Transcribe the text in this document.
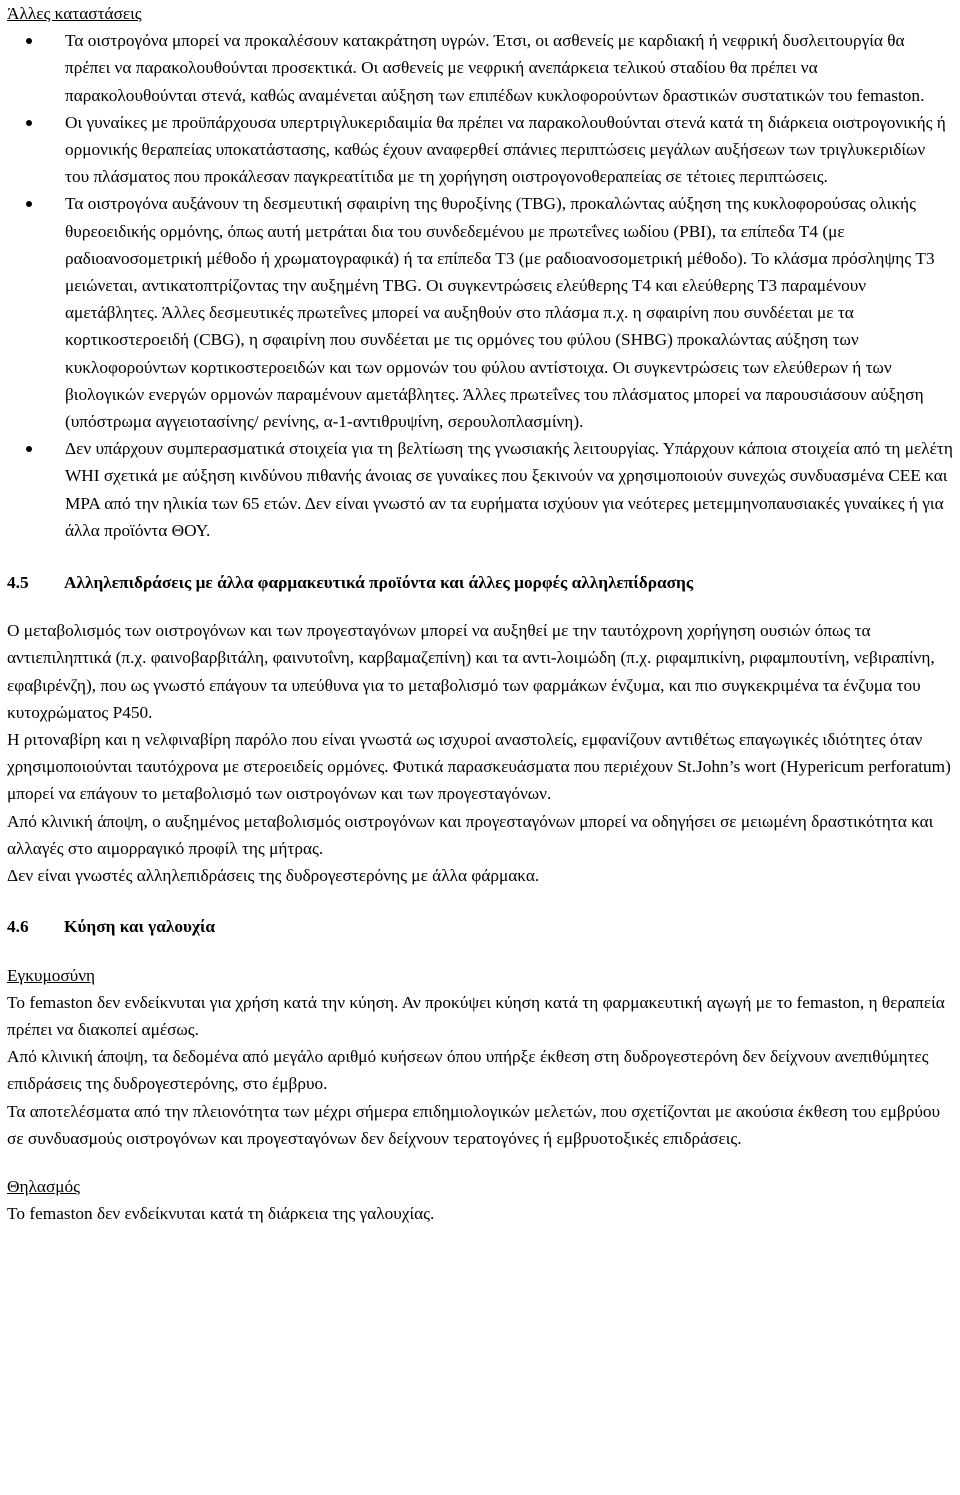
Άλλες καταστάσεις

Τα οιστρογόνα μπορεί να προκαλέσουν κατακράτηση υγρών. Έτσι, οι ασθενείς με καρδιακή ή νεφρική δυσλειτουργία θα πρέπει να παρακολουθούνται προσεκτικά. Οι ασθενείς με νεφρική ανεπάρκεια τελικού σταδίου θα πρέπει να παρακολουθούνται στενά, καθώς αναμένεται αύξηση των επιπέδων κυκλοφορούντων δραστικών συστατικών του femaston.
Οι γυναίκες με προϋπάρχουσα υπερτριγλυκεριδαιμία θα πρέπει να παρακολουθούνται στενά κατά τη διάρκεια οιστρογονικής ή ορμονικής θεραπείας υποκατάστασης, καθώς έχουν αναφερθεί σπάνιες περιπτώσεις μεγάλων αυξήσεων των τριγλυκεριδίων του πλάσματος που προκάλεσαν παγκρεατίτιδα με τη χορήγηση οιστρογονοθεραπείας σε τέτοιες περιπτώσεις.
Τα οιστρογόνα αυξάνουν τη δεσμευτική σφαιρίνη της θυροξίνης (TBG), προκαλώντας αύξηση της κυκλοφορούσας ολικής θυρεοειδικής ορμόνης, όπως αυτή μετράται δια του συνδεδεμένου με πρωτεΐνες ιωδίου (PBI), τα επίπεδα T4 (με ραδιοανοσομετρική μέθοδο ή χρωματογραφικά) ή τα επίπεδα T3 (με ραδιοανοσομετρική μέθοδο). Το κλάσμα πρόσληψης T3 μειώνεται, αντικατοπτρίζοντας την αυξημένη TBG. Οι συγκεντρώσεις ελεύθερης T4 και ελεύθερης T3 παραμένουν αμετάβλητες. Άλλες δεσμευτικές πρωτεΐνες μπορεί να αυξηθούν στο πλάσμα π.χ. η σφαιρίνη που συνδέεται με τα κορτικοστεροειδή (CBG), η σφαιρίνη που συνδέεται με τις ορμόνες του φύλου (SHBG) προκαλώντας αύξηση των κυκλοφορούντων κορτικοστεροειδών και των ορμονών του φύλου αντίστοιχα. Οι συγκεντρώσεις των ελεύθερων ή των βιολογικών ενεργών ορμονών παραμένουν αμετάβλητες. Άλλες πρωτεΐνες του πλάσματος μπορεί να παρουσιάσουν αύξηση (υπόστρωμα αγγειοτασίνης/ ρενίνης, α-1-αντιθρυψίνη, σερουλοπλασμίνη).
Δεν υπάρχουν συμπερασματικά στοιχεία για τη βελτίωση της γνωσιακής λειτουργίας. Υπάρχουν κάποια στοιχεία από τη μελέτη WHI σχετικά με αύξηση κινδύνου πιθανής άνοιας σε γυναίκες που ξεκινούν να χρησιμοποιούν συνεχώς συνδυασμένα CEE και MPA από την ηλικία των 65 ετών. Δεν είναι γνωστό αν τα ευρήματα ισχύουν για νεότερες μετεμμηνοπαυσιακές γυναίκες ή για άλλα προϊόντα ΘΟΥ.

4.5 Αλληλεπιδράσεις με άλλα φαρμακευτικά προϊόντα και άλλες μορφές αλληλεπίδρασης

Ο μεταβολισμός των οιστρογόνων και των προγεσταγόνων μπορεί να αυξηθεί με την ταυτόχρονη χορήγηση ουσιών όπως τα αντιεπιληπτικά (π.χ. φαινοβαρβιτάλη, φαινυτοΐνη, καρβαμαζεπίνη) και τα αντι-λοιμώδη (π.χ. ριφαμπικίνη, ριφαμπουτίνη, νεβιραπίνη, εφαβιρένζη), που ως γνωστό επάγουν τα υπεύθυνα για το μεταβολισμό των φαρμάκων ένζυμα, και πιο συγκεκριμένα τα ένζυμα του κυτοχρώματος P450.

Η ριτοναβίρη και η νελφιναβίρη παρόλο που είναι γνωστά ως ισχυροί αναστολείς, εμφανίζουν αντιθέτως επαγωγικές ιδιότητες όταν χρησιμοποιούνται ταυτόχρονα με στεροειδείς ορμόνες. Φυτικά παρασκευάσματα που περιέχουν St.John’s wort (Hypericum perforatum) μπορεί να επάγουν το μεταβολισμό των οιστρογόνων και των προγεσταγόνων.

Από κλινική άποψη, ο αυξημένος μεταβολισμός οιστρογόνων και προγεσταγόνων μπορεί να οδηγήσει σε μειωμένη δραστικότητα και αλλαγές στο αιμορραγικό προφίλ της μήτρας.

Δεν είναι γνωστές αλληλεπιδράσεις της δυδρογεστερόνης με άλλα φάρμακα.

4.6 Κύηση και γαλουχία

Εγκυμοσύνη

Το femaston δεν ενδείκνυται για χρήση κατά την κύηση. Αν προκύψει κύηση κατά τη φαρμακευτική αγωγή με το femaston, η θεραπεία πρέπει να διακοπεί αμέσως.

Από κλινική άποψη, τα δεδομένα από μεγάλο αριθμό κυήσεων όπου υπήρξε έκθεση στη δυδρογεστερόνη δεν δείχνουν ανεπιθύμητες επιδράσεις της δυδρογεστερόνης, στο έμβρυο.

Τα αποτελέσματα από την πλειονότητα των μέχρι σήμερα επιδημιολογικών μελετών, που σχετίζονται με ακούσια έκθεση του εμβρύου σε συνδυασμούς οιστρογόνων και προγεσταγόνων δεν δείχνουν τερατογόνες ή εμβρυοτοξικές επιδράσεις.

Θηλασμός

Το femaston δεν ενδείκνυται κατά τη διάρκεια της γαλουχίας.
